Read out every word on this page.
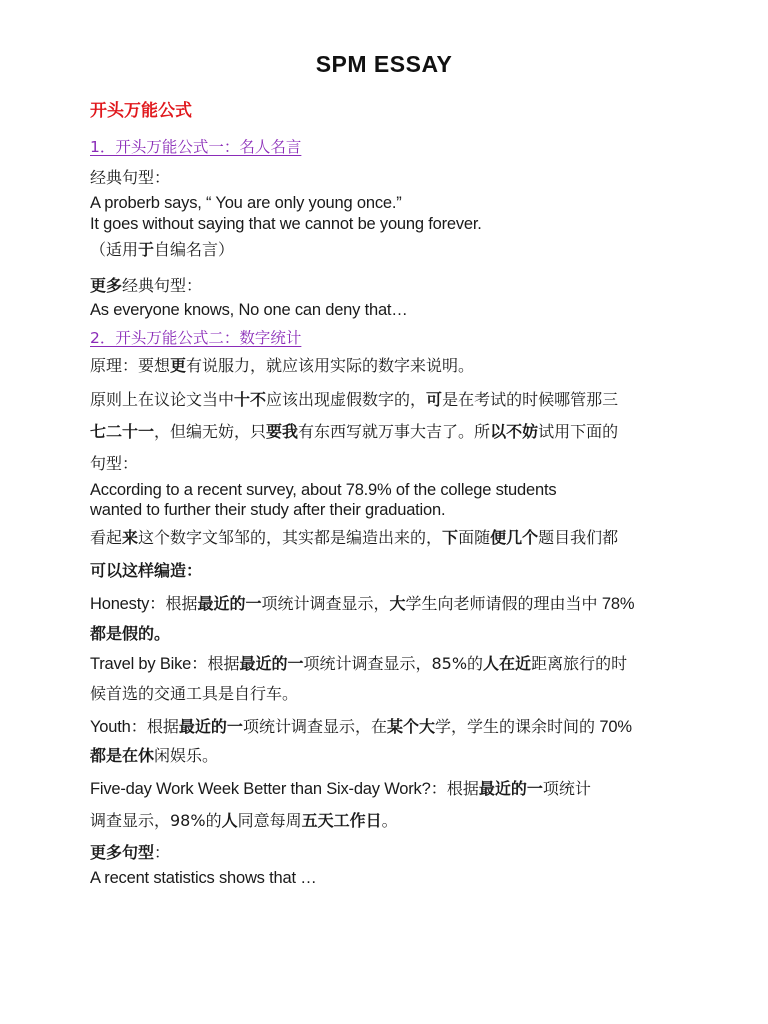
SPM ESSAY
开头万能公式
1．开头万能公式一：名人名言
经典句型：
A proberb says, “ You are only young once.”
It goes without saying that we cannot be young forever.
（适用于自编名言）
更多经典句型：
As everyone knows, No one can deny that…
2．开头万能公式二：数字统计
原理：要想更有说服力，就应该用实际的数字来说明。
原则上在议论文当中十不应该出现虚假数字的，可是在考试的时候哪管那三
七二十一，但编无妨，只要我有东西写就万事大吉了。所以不妨试用下面的
句型：
According to a recent survey, about 78.9% of the college students
wanted to further their study after their graduation.
看起来这个数字文邹邹的，其实都是编造出来的，下面随便几个题目我们都
可以这样编造：
Honesty：根据最近的一项统计调查显示，大学生向老师请假的理由当中 78%
都是假的。
Travel by Bike：根据最近的一项统计调查显示，85%的人在近距离旅行的时
候首选的交通工具是自行车。
Youth：根据最近的一项统计调查显示，在某个大学，学生的课余时间的 70%
都是在休闲娱乐。
Five-day Work Week Better than Six-day Work?：根据最近的一项统计
调查显示，98%的人同意每周五天工作日。
更多句型：
A recent statistics shows that …
